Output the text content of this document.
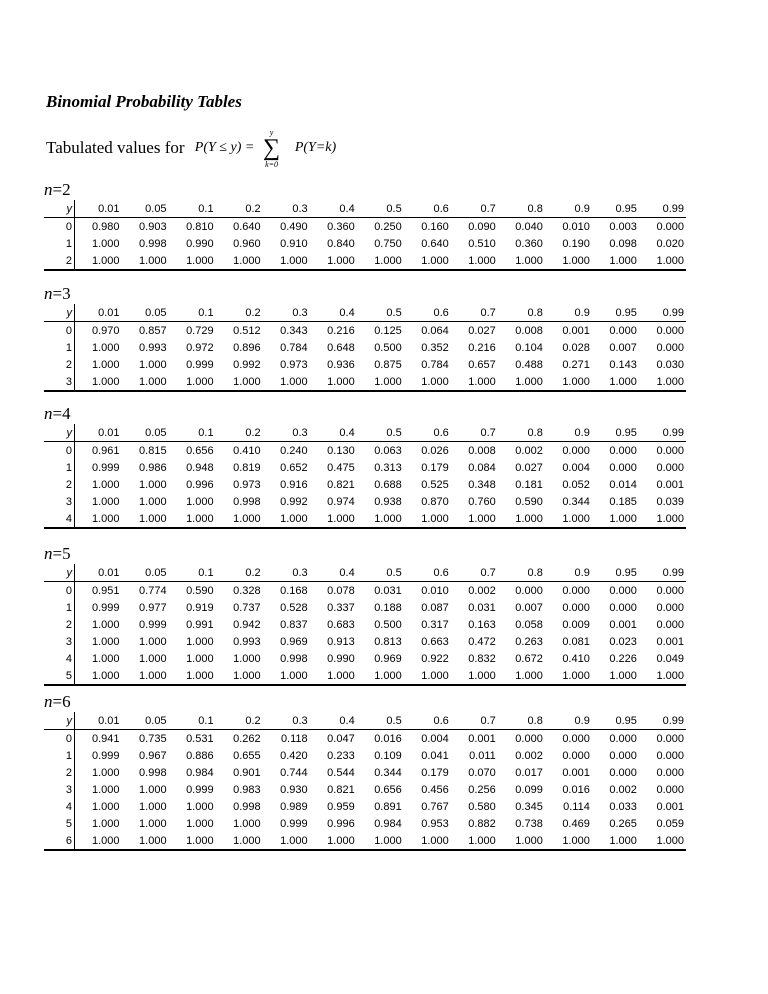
Binomial Probability Tables
Tabulated values for P(Y ≤ y) =
y
∑
k=0
P(Y=k)
n=2
y	0.01	0.05	0.1	0.2	0.3	0.4	0.5	0.6	0.7	0.8	0.9	0.95	0.99
0	0.980	0.903	0.810	0.640	0.490	0.360	0.250	0.160	0.090	0.040	0.010	0.003	0.000
1	1.000	0.998	0.990	0.960	0.910	0.840	0.750	0.640	0.510	0.360	0.190	0.098	0.020
2	1.000	1.000	1.000	1.000	1.000	1.000	1.000	1.000	1.000	1.000	1.000	1.000	1.000
n=3
y	0.01	0.05	0.1	0.2	0.3	0.4	0.5	0.6	0.7	0.8	0.9	0.95	0.99
0	0.970	0.857	0.729	0.512	0.343	0.216	0.125	0.064	0.027	0.008	0.001	0.000	0.000
1	1.000	0.993	0.972	0.896	0.784	0.648	0.500	0.352	0.216	0.104	0.028	0.007	0.000
2	1.000	1.000	0.999	0.992	0.973	0.936	0.875	0.784	0.657	0.488	0.271	0.143	0.030
3	1.000	1.000	1.000	1.000	1.000	1.000	1.000	1.000	1.000	1.000	1.000	1.000	1.000
n=4
y	0.01	0.05	0.1	0.2	0.3	0.4	0.5	0.6	0.7	0.8	0.9	0.95	0.99
0	0.961	0.815	0.656	0.410	0.240	0.130	0.063	0.026	0.008	0.002	0.000	0.000	0.000
1	0.999	0.986	0.948	0.819	0.652	0.475	0.313	0.179	0.084	0.027	0.004	0.000	0.000
2	1.000	1.000	0.996	0.973	0.916	0.821	0.688	0.525	0.348	0.181	0.052	0.014	0.001
3	1.000	1.000	1.000	0.998	0.992	0.974	0.938	0.870	0.760	0.590	0.344	0.185	0.039
4	1.000	1.000	1.000	1.000	1.000	1.000	1.000	1.000	1.000	1.000	1.000	1.000	1.000
n=5
y	0.01	0.05	0.1	0.2	0.3	0.4	0.5	0.6	0.7	0.8	0.9	0.95	0.99
0	0.951	0.774	0.590	0.328	0.168	0.078	0.031	0.010	0.002	0.000	0.000	0.000	0.000
1	0.999	0.977	0.919	0.737	0.528	0.337	0.188	0.087	0.031	0.007	0.000	0.000	0.000
2	1.000	0.999	0.991	0.942	0.837	0.683	0.500	0.317	0.163	0.058	0.009	0.001	0.000
3	1.000	1.000	1.000	0.993	0.969	0.913	0.813	0.663	0.472	0.263	0.081	0.023	0.001
4	1.000	1.000	1.000	1.000	0.998	0.990	0.969	0.922	0.832	0.672	0.410	0.226	0.049
5	1.000	1.000	1.000	1.000	1.000	1.000	1.000	1.000	1.000	1.000	1.000	1.000	1.000
n=6
y	0.01	0.05	0.1	0.2	0.3	0.4	0.5	0.6	0.7	0.8	0.9	0.95	0.99
0	0.941	0.735	0.531	0.262	0.118	0.047	0.016	0.004	0.001	0.000	0.000	0.000	0.000
1	0.999	0.967	0.886	0.655	0.420	0.233	0.109	0.041	0.011	0.002	0.000	0.000	0.000
2	1.000	0.998	0.984	0.901	0.744	0.544	0.344	0.179	0.070	0.017	0.001	0.000	0.000
3	1.000	1.000	0.999	0.983	0.930	0.821	0.656	0.456	0.256	0.099	0.016	0.002	0.000
4	1.000	1.000	1.000	0.998	0.989	0.959	0.891	0.767	0.580	0.345	0.114	0.033	0.001
5	1.000	1.000	1.000	1.000	0.999	0.996	0.984	0.953	0.882	0.738	0.469	0.265	0.059
6	1.000	1.000	1.000	1.000	1.000	1.000	1.000	1.000	1.000	1.000	1.000	1.000	1.000
